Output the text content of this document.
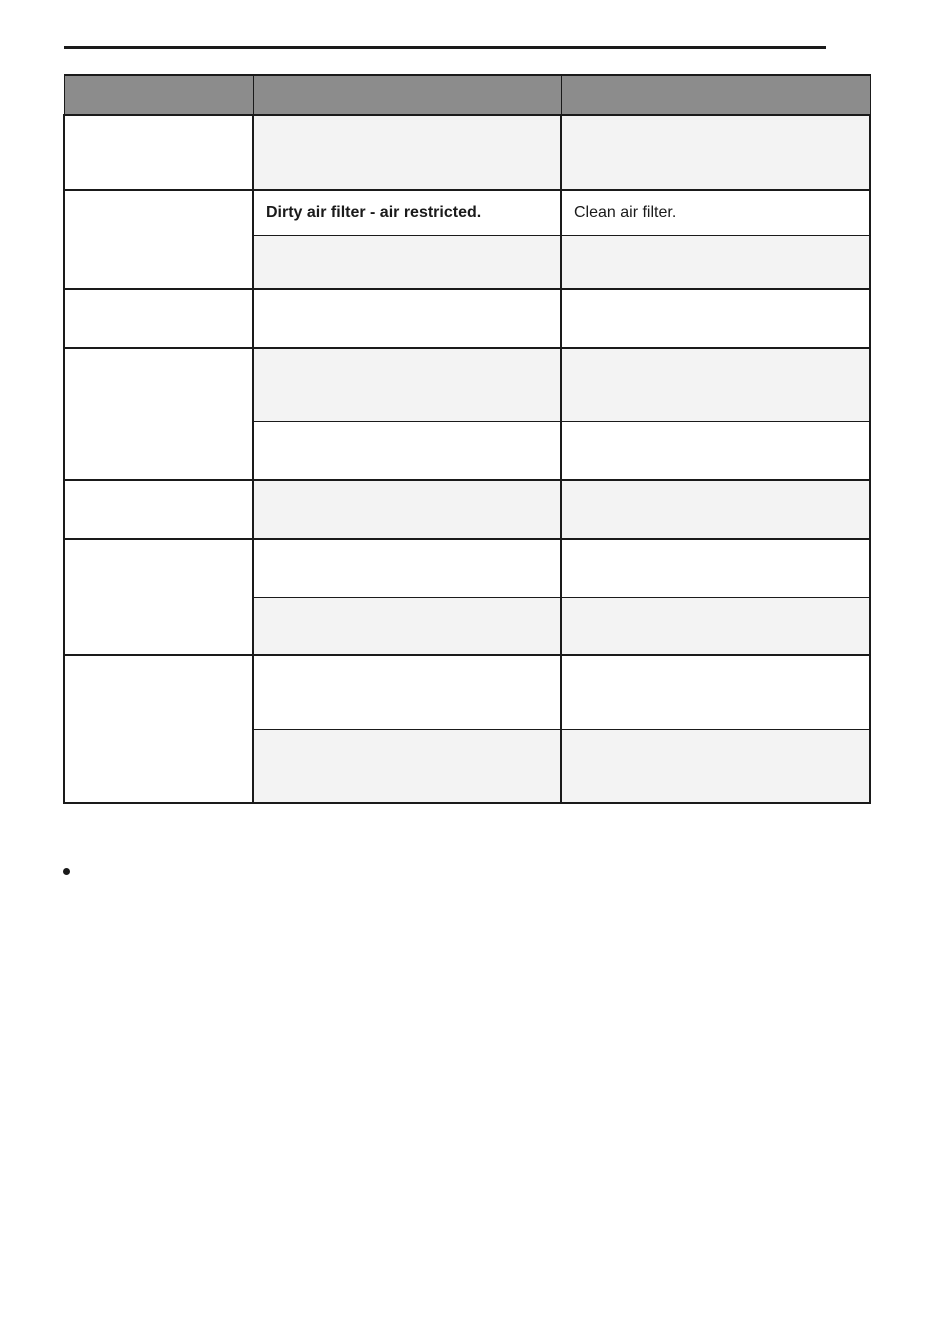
	Dirty air filter - air restricted.	Clean air filter.
